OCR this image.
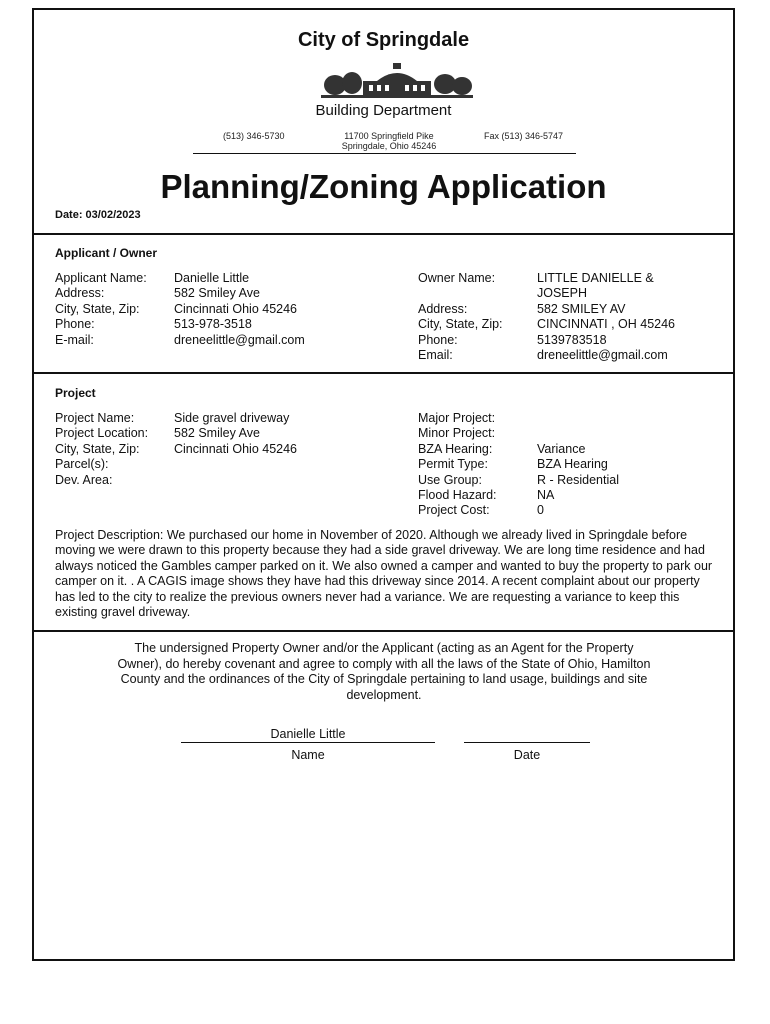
City of Springdale
Building Department
(513) 346-5730	11700 Springfield Pike
Springdale, Ohio 45246
Fax (513) 346-5747
Planning/Zoning Application
Date: 03/02/2023
Applicant / Owner
Applicant Name:
Address:
City, State, Zip:
Phone:
E-mail:
Danielle Little
582 Smiley Ave
Cincinnati Ohio 45246
513-978-3518
dreneelittle@gmail.com
Owner Name:
Address:
City, State, Zip:
Phone:
Email:
LITTLE DANIELLE &
JOSEPH
582 SMILEY AV
CINCINNATI , OH 45246
5139783518
dreneelittle@gmail.com
Project
Project Name:
Project Location:
City, State, Zip:
Parcel(s):
Dev. Area:
Side gravel driveway
582 Smiley Ave
Cincinnati Ohio 45246
Major Project:
Minor Project:
BZA Hearing:
Permit Type:
Use Group:
Flood Hazard:
Project Cost:
Variance
BZA Hearing
R - Residential
NA
0
Project Description: We purchased our home in November of 2020. Although we already lived in Springdale before moving we were drawn to this property because they had a side gravel driveway. We are long time residence and had always noticed the Gambles camper parked on it. We also owned a camper and wanted to buy the property to park our camper on it. . A CAGIS image shows they have had this driveway since 2014. A recent complaint about our property has led to the city to realize the previous owners never had a variance. We are requesting a variance to keep this existing gravel driveway.
The undersigned Property Owner and/or the Applicant (acting as an Agent for the Property Owner), do hereby covenant and agree to comply with all the laws of the State of Ohio, Hamilton County and the ordinances of the City of Springdale pertaining to land usage, buildings and site development.
Danielle Little
Name	Date
